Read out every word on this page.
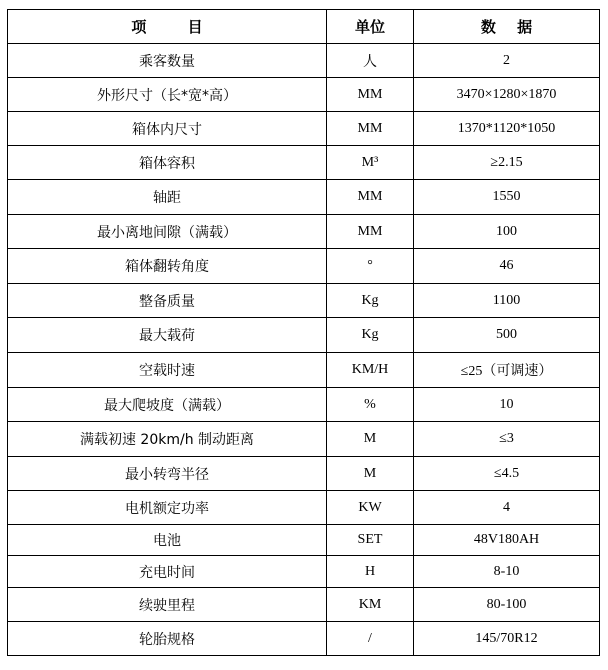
项 目	单位	数 据
乘客数量	人	2
外形尺寸（长*宽*高）	MM	3470×1280×1870
箱体内尺寸	MM	1370*1120*1050
箱体容积	M³	≥2.15
轴距	MM	1550
最小离地间隙（满载）	MM	100
箱体翻转角度	°	46
整备质量	Kg	1100
最大载荷	Kg	500
空载时速	KM/H	≤25（可调速）
最大爬坡度（满载）	%	10
满载初速 20km/h 制动距离	M	≤3
最小转弯半径	M	≤4.5
电机额定功率	KW	4
电池	SET	48V180AH
充电时间	H	8-10
续驶里程	KM	80-100
轮胎规格	/	145/70R12
